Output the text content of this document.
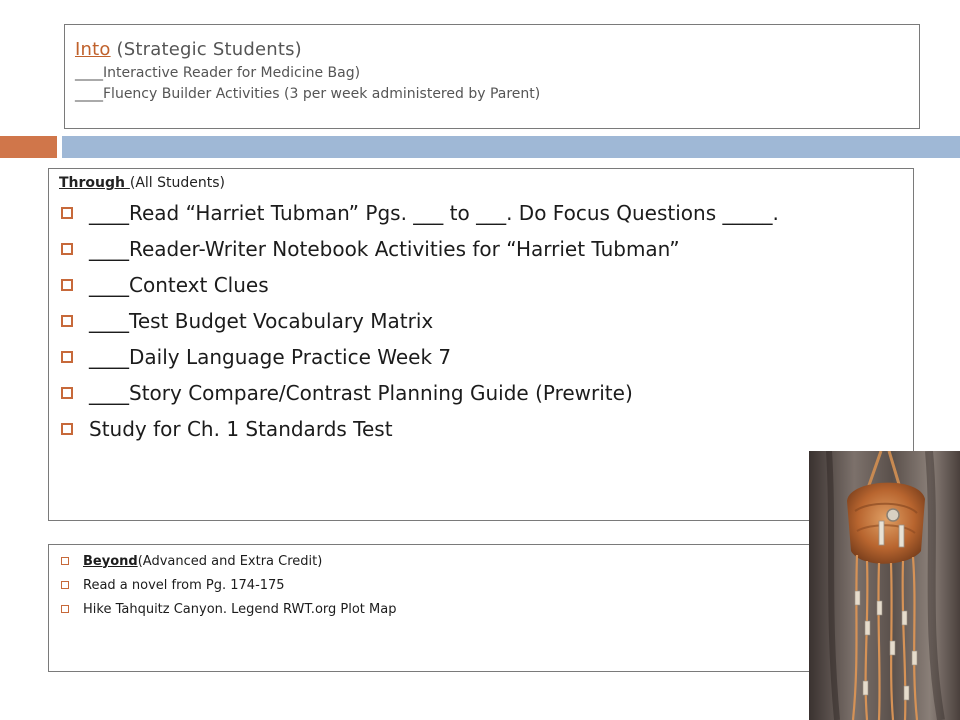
Into (Strategic Students)
____Interactive Reader for Medicine Bag)
____Fluency Builder Activities (3 per week administered by Parent)
Through (All Students)
____Read “Harriet Tubman” Pgs. ___ to ___. Do Focus Questions _____.
____Reader-Writer Notebook Activities for “Harriet Tubman”
____Context Clues
____Test Budget Vocabulary Matrix
____Daily Language Practice Week 7
____Story Compare/Contrast Planning Guide (Prewrite)
Study for Ch. 1 Standards Test
Beyond (Advanced and Extra Credit)
Read a novel from Pg. 174-175
Hike Tahquitz Canyon. Legend RWT.org Plot Map
